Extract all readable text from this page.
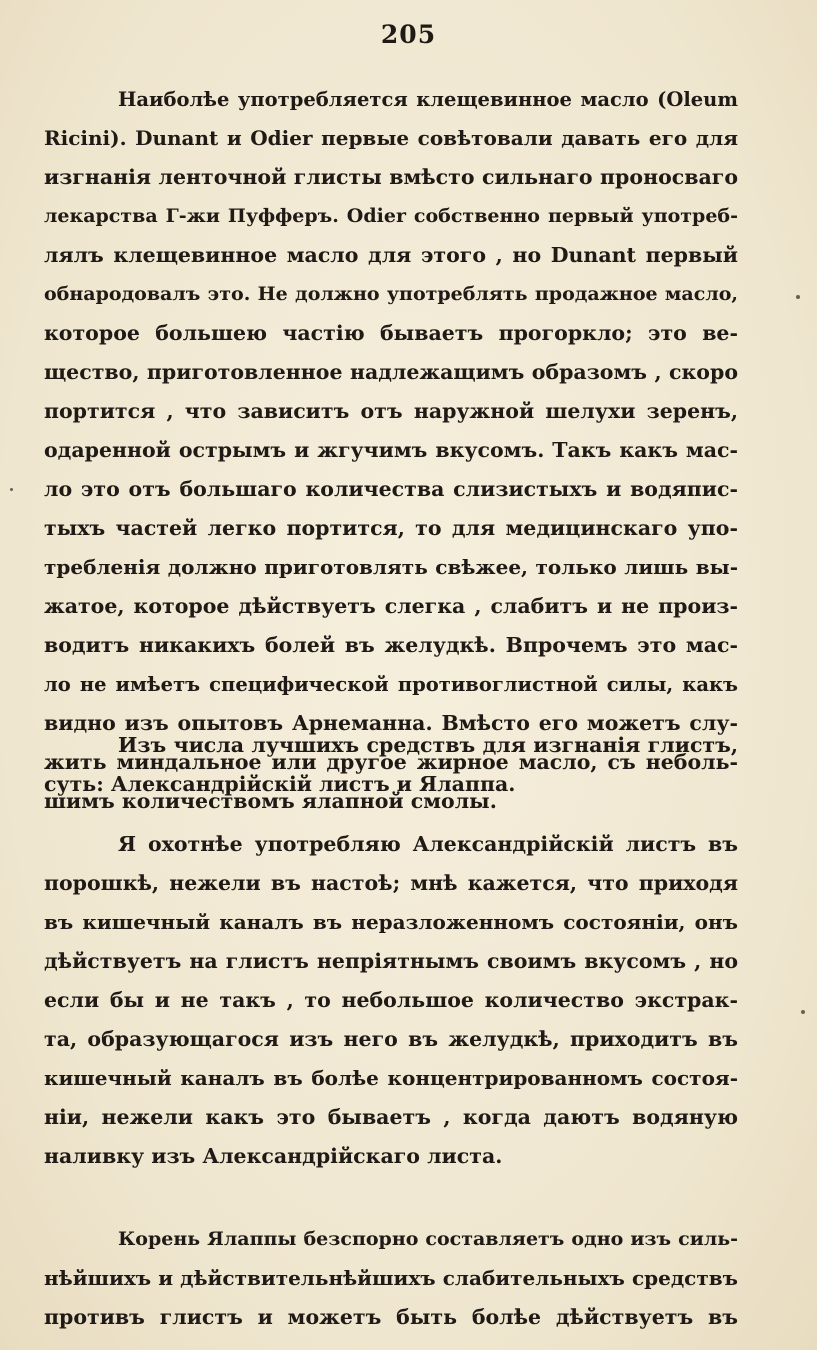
205
Наиболѣе употребляется клещевинное масло (Oleum
Ricini). Dunant и Odier первые совѣтовали давать его для
изгнанія ленточной глисты вмѣсто сильнаго проносваго
лекарства Г-жи Пуфферъ. Odier собственно первый употреб-
лялъ клещевинное масло для этого , но Dunant первый
обнародовалъ это. Не должно употреблять продажное масло,
которое большею частію бываетъ прогоркло; это ве-
щество, приготовленное надлежащимъ образомъ , скоро
портится , что завиcитъ отъ наружной шелухи зеренъ,
одаренной острымъ и жгучимъ вкусомъ. Такъ какъ мас-
ло это отъ большаго количества слизистыхъ и водяпис-
тыхъ частей легко портится, то для медицинскаго упо-
требленія должно приготовлять свѣжее, только лишь вы-
жатое, которое дѣйствуетъ слегка , слабитъ и не произ-
водитъ никакихъ болей въ желудкѣ. Впрочемъ это мас-
ло не имѣетъ специфической противоглистной силы, какъ
видно изъ опытовъ Арнеманна. Вмѣсто его можетъ слу-
жить миндальное или другое жирное масло, съ неболь-
шимъ количествомъ ялапной смолы.
Изъ числа лучшихъ средствъ для изгнанія глистъ,
суть: Александрійскій листъ и Ялаппа.
Я охотнѣе употребляю Александрійскій листъ въ
порошкѣ, нежели въ настоѣ; мнѣ кажется, что приходя
въ кишечный каналъ въ неразложенномъ состояніи, онъ
дѣйствуетъ на глистъ непріятнымъ своимъ вкусомъ , но
если бы и не такъ , то небольшое количество экстрак-
та, образующагося изъ него въ желудкѣ, приходитъ въ
кишечный каналъ въ болѣе концентрированномъ состоя-
ніи, нежели какъ это бываетъ , когда даютъ водяную
наливку изъ Александрійскаго листа.
Корень Ялаппы безспорно составляетъ одно изъ силь-
нѣйшихъ и дѣйствительнѣйшихъ слабительныхъ средствъ
противъ глистъ и можетъ быть болѣе дѣйствуетъ въ
